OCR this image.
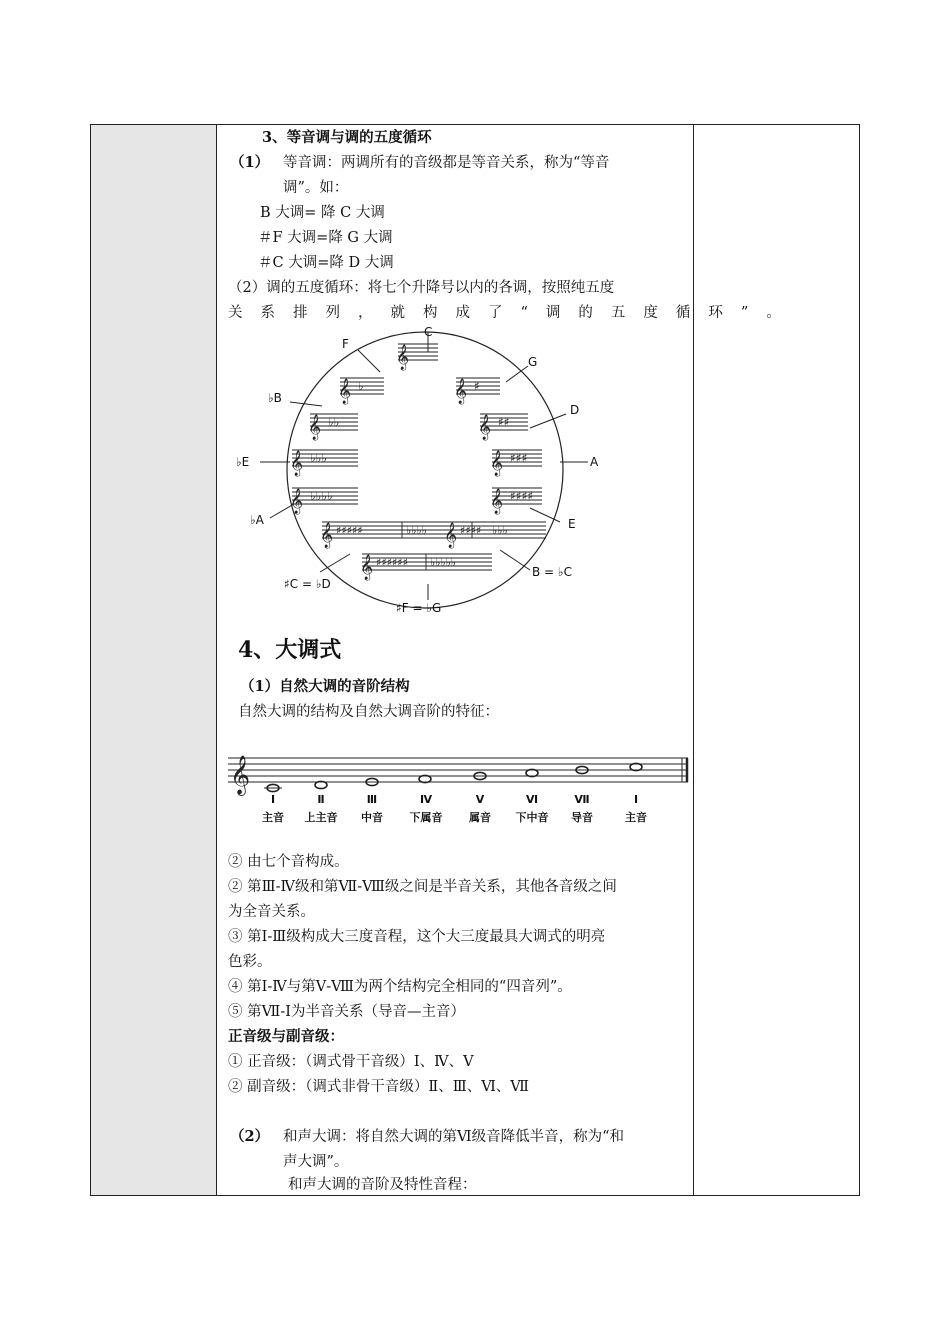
3、等音调与调的五度循环
（1） 等音调：两调所有的音级都是等音关系，称为“等音
调”。如：
B 大调= 降 C 大调
＃F 大调=降 G 大调
＃C 大调=降 D 大调
（2）调的五度循环：将七个升降号以内的各调，按照纯五度
关系排列，就构成了“调的五度循环”。
𝄞
𝄞 ♯
𝄞 ♯♯
𝄞 ♯♯♯
𝄞 ♯♯♯♯
𝄞 ♭
𝄞 ♭♭
𝄞 ♭♭♭
𝄞 ♭♭♭♭
𝄞 ♯♯♯♯♯	♭♭♭♭ 𝄞 ♯♯♯♯ ♭♭♭
𝄞 ♯♯♯♯♯♯ ♭♭♭♭♭
C
G
D
A
E
F
♭B
♭E
♭A
B = ♭C
♯C = ♭D
♯F = ♭G
4、大调式
（1）自然大调的音阶结构
自然大调的结构及自然大调音阶的特征：
𝄞
Ⅰ	Ⅱ	Ⅲ	Ⅳ	Ⅴ	Ⅵ	Ⅶ	Ⅰ
主音 上主音 中音 下属音 属音 下中音 导音	主音
② 由七个音构成。
② 第Ⅲ-Ⅳ级和第Ⅶ-Ⅷ级之间是半音关系，其他各音级之间
为全音关系。
③ 第Ⅰ-Ⅲ级构成大三度音程，这个大三度最具大调式的明亮
色彩。
④ 第Ⅰ-Ⅳ与第Ⅴ-Ⅷ为两个结构完全相同的“四音列”。
⑤ 第Ⅶ-Ⅰ为半音关系（导音—主音）
正音级与副音级：
① 正音级：（调式骨干音级）Ⅰ、Ⅳ、Ⅴ
② 副音级：（调式非骨干音级）Ⅱ、Ⅲ、Ⅵ、Ⅶ
（2） 和声大调：将自然大调的第Ⅵ级音降低半音，称为“和
声大调”。
和声大调的音阶及特性音程：
